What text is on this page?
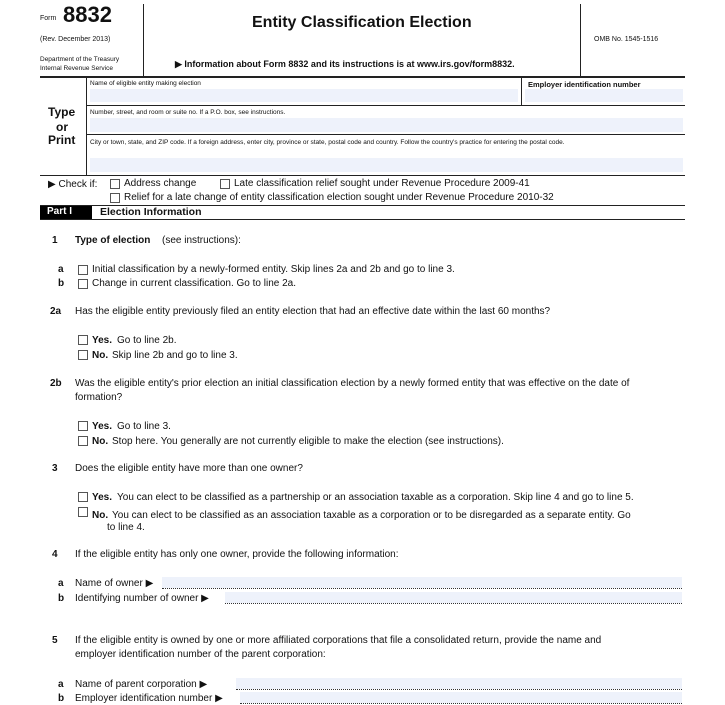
Form 8832
(Rev. December 2013)
Department of the Treasury
Internal Revenue Service
Entity Classification Election
▶ Information about Form 8832 and its instructions is at www.irs.gov/form8832.
OMB No. 1545-1516
Type
or
Print
Name of eligible entity making election	Employer identification number
Number, street, and room or suite no. If a P.O. box, see instructions.
City or town, state, and ZIP code. If a foreign address, enter city, province or state, postal code and country. Follow the country's practice for entering the postal code.
▶ Check if:	Address change	Late classification relief sought under Revenue Procedure 2009-41
Relief for a late change of entity classification election sought under Revenue Procedure 2010-32
Part I	Election Information
1 Type of election (see instructions):
a	Initial classification by a newly-formed entity. Skip lines 2a and 2b and go to line 3.
b	Change in current classification. Go to line 2a.
2a Has the eligible entity previously filed an entity election that had an effective date within the last 60 months?
Yes. Go to line 2b.
No. Skip line 2b and go to line 3.
2b Was the eligible entity's prior election an initial classification election by a newly formed entity that was effective on the date of
formation?
Yes. Go to line 3.
No. Stop here. You generally are not currently eligible to make the election (see instructions).
3 Does the eligible entity have more than one owner?
Yes. You can elect to be classified as a partnership or an association taxable as a corporation. Skip line 4 and go to line 5.
No. You can elect to be classified as an association taxable as a corporation or to be disregarded as a separate entity. Go
to line 4.
4 If the eligible entity has only one owner, provide the following information:
a Name of owner ▶
b Identifying number of owner ▶
5 If the eligible entity is owned by one or more affiliated corporations that file a consolidated return, provide the name and
employer identification number of the parent corporation:
a Name of parent corporation ▶
b Employer identification number ▶
